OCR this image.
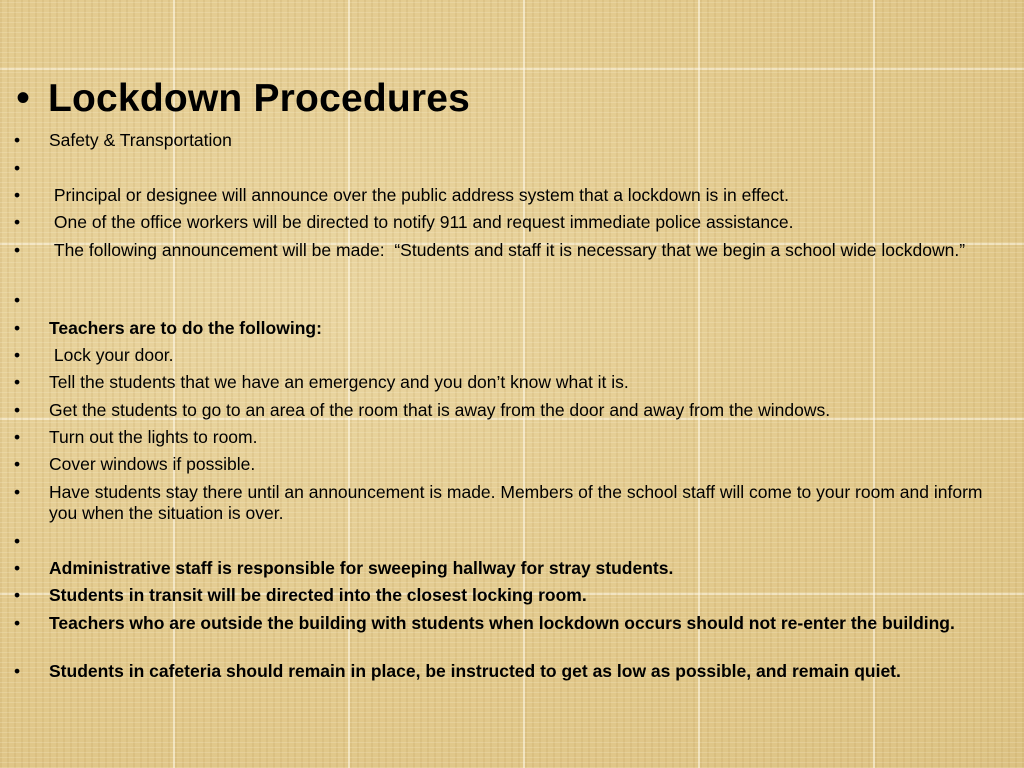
• Lockdown Procedures
•	Safety & Transportation
•
•	Principal or designee will announce over the public address system that a lockdown is in effect.
•	One of the office workers will be directed to notify 911 and request immediate police assistance.
•	The following announcement will be made:  “Students and staff it is necessary that we begin a school wide lockdown.”
•
•	Teachers are to do the following:
•	Lock your door.
•	Tell the students that we have an emergency and you don’t know what it is.
•	Get the students to go to an area of the room that is away from the door and away from the windows.
•	Turn out the lights to room.
•	Cover windows if possible.
•	Have students stay there until an announcement is made. Members of the school staff will come to your room and inform you when the situation is over.
•
•	Administrative staff is responsible for sweeping hallway for stray students.
•	Students in transit will be directed into the closest locking room.
•	Teachers who are outside the building with students when lockdown occurs should not re-enter the building.
•	Students in cafeteria should remain in place, be instructed to get as low as possible, and remain quiet.
